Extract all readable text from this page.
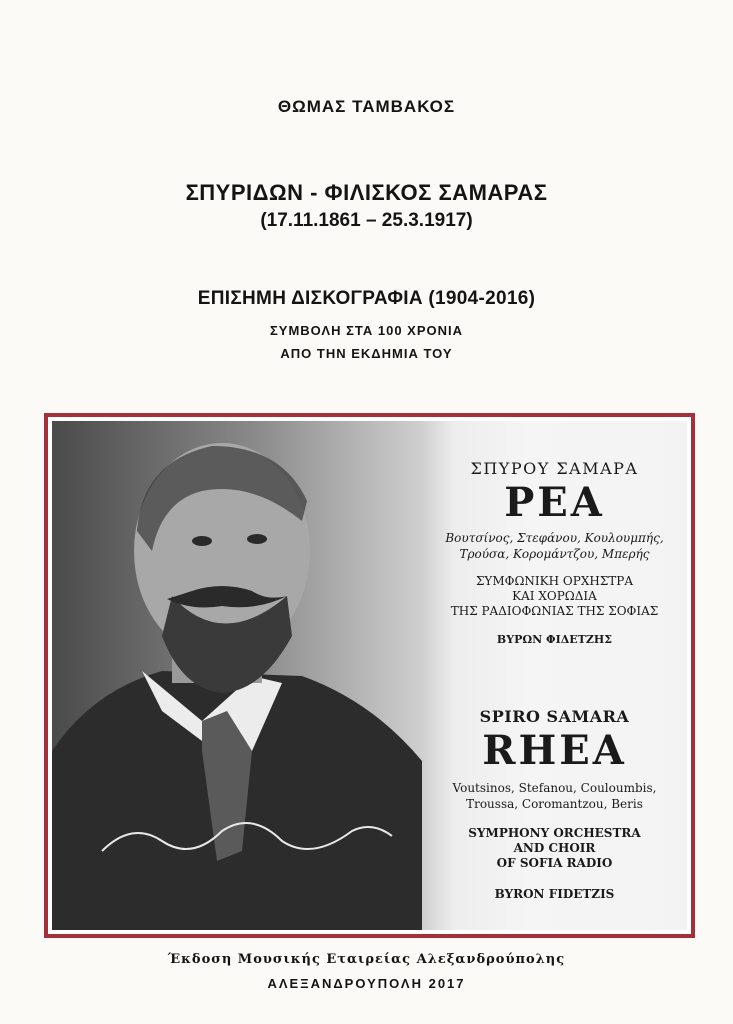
ΘΩΜΑΣ ΤΑΜΒΑΚΟΣ
ΣΠΥΡΙΔΩΝ - ΦΙΛΙΣΚΟΣ ΣΑΜΑΡΑΣ
(17.11.1861 – 25.3.1917)
ΕΠΙΣΗΜΗ ΔΙΣΚΟΓΡΑΦΙΑ (1904-2016)
ΣΥΜΒΟΛΗ ΣΤΑ 100 ΧΡΟΝΙΑ
ΑΠΟ ΤΗΝ ΕΚΔΗΜΙΑ ΤΟΥ
ΣΠΥΡΟΥ ΣΑΜΑΡΑ
ΡΕΑ
Βουτσίνος, Στεφάνου, Κουλουμπής,
Τρούσα, Κορομάντζου, Μπερής
ΣΥΜΦΩΝΙΚΗ ΟΡΧΗΣΤΡΑ
ΚΑΙ ΧΟΡΩΔΙΑ
ΤΗΣ ΡΑΔΙΟΦΩΝΙΑΣ ΤΗΣ ΣΟΦΙΑΣ
ΒΥΡΩΝ ΦΙΔΕΤΖΗΣ
SPIRO SAMARA
RHEA
Voutsinos, Stefanou, Couloumbis,
Troussa, Coromantzou, Beris
SYMPHONY ORCHESTRA
AND CHOIR
OF SOFIA RADIO
BYRON FIDETZIS
Έκδοση Μουσικής Εταιρείας Αλεξανδρούπολης
ΑΛΕΞΑΝΔΡΟΥΠΟΛΗ 2017
